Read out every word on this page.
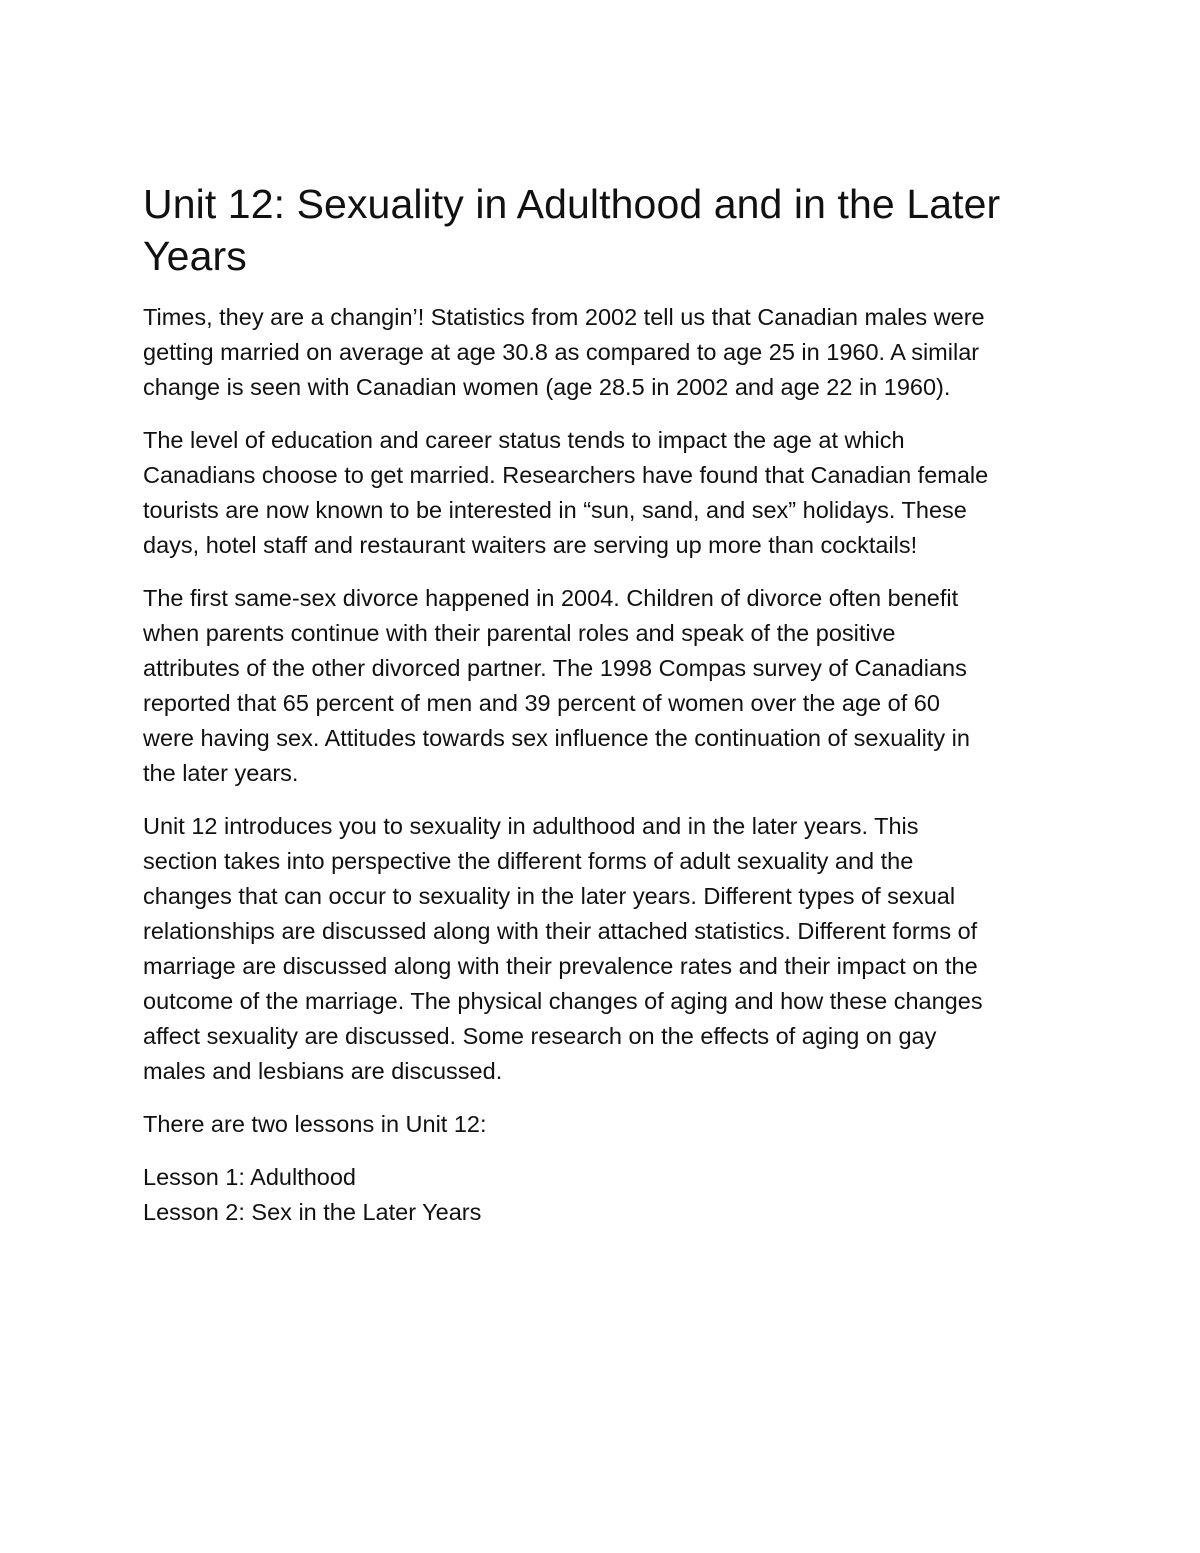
Unit 12: Sexuality in Adulthood and in the Later Years

Times, they are a changin’! Statistics from 2002 tell us that Canadian males were getting married on average at age 30.8 as compared to age 25 in 1960. A similar change is seen with Canadian women (age 28.5 in 2002 and age 22 in 1960).

The level of education and career status tends to impact the age at which Canadians choose to get married. Researchers have found that Canadian female tourists are now known to be interested in “sun, sand, and sex” holidays. These days, hotel staff and restaurant waiters are serving up more than cocktails!

The first same-sex divorce happened in 2004. Children of divorce often benefit when parents continue with their parental roles and speak of the positive attributes of the other divorced partner. The 1998 Compas survey of Canadians reported that 65 percent of men and 39 percent of women over the age of 60 were having sex. Attitudes towards sex influence the continuation of sexuality in the later years.

Unit 12 introduces you to sexuality in adulthood and in the later years. This section takes into perspective the different forms of adult sexuality and the changes that can occur to sexuality in the later years. Different types of sexual relationships are discussed along with their attached statistics. Different forms of marriage are discussed along with their prevalence rates and their impact on the outcome of the marriage. The physical changes of aging and how these changes affect sexuality are discussed. Some research on the effects of aging on gay males and lesbians are discussed.

There are two lessons in Unit 12:

Lesson 1: Adulthood
Lesson 2: Sex in the Later Years
